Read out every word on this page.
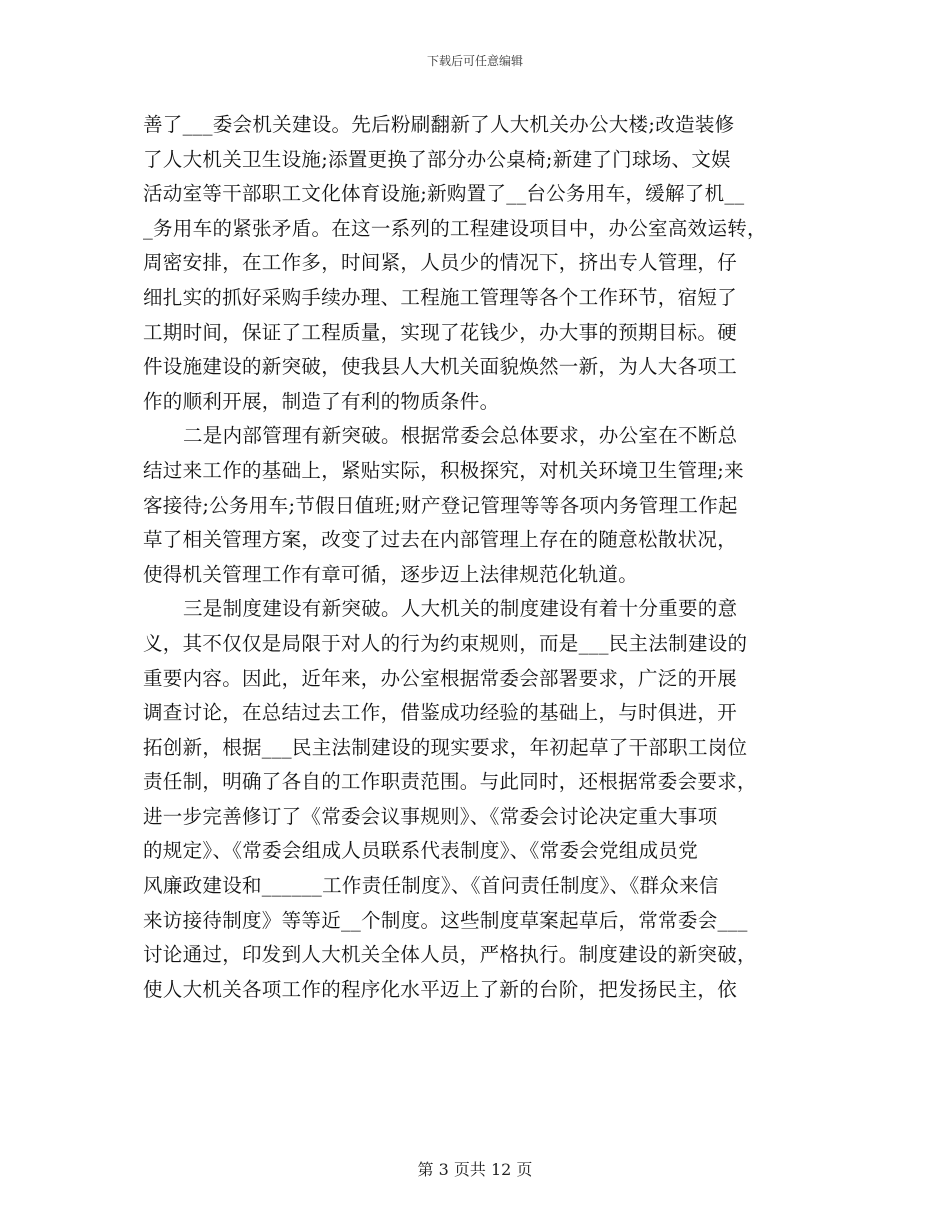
下载后可任意编辑

善了___委会机关建设。先后粉刷翻新了人大机关办公大楼;改造装修
了人大机关卫生设施;添置更换了部分办公桌椅;新建了门球场、文娱
活动室等干部职工文化体育设施;新购置了__台公务用车，缓解了机__
_务用车的紧张矛盾。在这一系列的工程建设项目中，办公室高效运转，
周密安排，在工作多，时间紧，人员少的情况下，挤出专人管理，仔
细扎实的抓好采购手续办理、工程施工管理等各个工作环节，宿短了
工期时间，保证了工程质量，实现了花钱少，办大事的预期目标。硬
件设施建设的新突破，使我县人大机关面貌焕然一新，为人大各项工
作的顺利开展，制造了有利的物质条件。

二是内部管理有新突破。根据常委会总体要求，办公室在不断总
结过来工作的基础上，紧贴实际，积极探究，对机关环境卫生管理;来
客接待;公务用车;节假日值班;财产登记管理等等各项内务管理工作起
草了相关管理方案，改变了过去在内部管理上存在的随意松散状况，
使得机关管理工作有章可循，逐步迈上法律规范化轨道。

三是制度建设有新突破。人大机关的制度建设有着十分重要的意
义，其不仅仅是局限于对人的行为约束规则，而是___民主法制建设的
重要内容。因此，近年来，办公室根据常委会部署要求，广泛的开展
调查讨论，在总结过去工作，借鉴成功经验的基础上，与时俱进，开
拓创新，根据___民主法制建设的现实要求，年初起草了干部职工岗位
责任制，明确了各自的工作职责范围。与此同时，还根据常委会要求，
进一步完善修订了《常委会议事规则》、《常委会讨论决定重大事项
的规定》、《常委会组成人员联系代表制度》、《常委会党组成员党
风廉政建设和______工作责任制度》、《首问责任制度》、《群众来信
来访接待制度》等等近__个制度。这些制度草案起草后，常常委会___
讨论通过，印发到人大机关全体人员，严格执行。制度建设的新突破，
使人大机关各项工作的程序化水平迈上了新的台阶，把发扬民主，依

第 3 页共 12 页
